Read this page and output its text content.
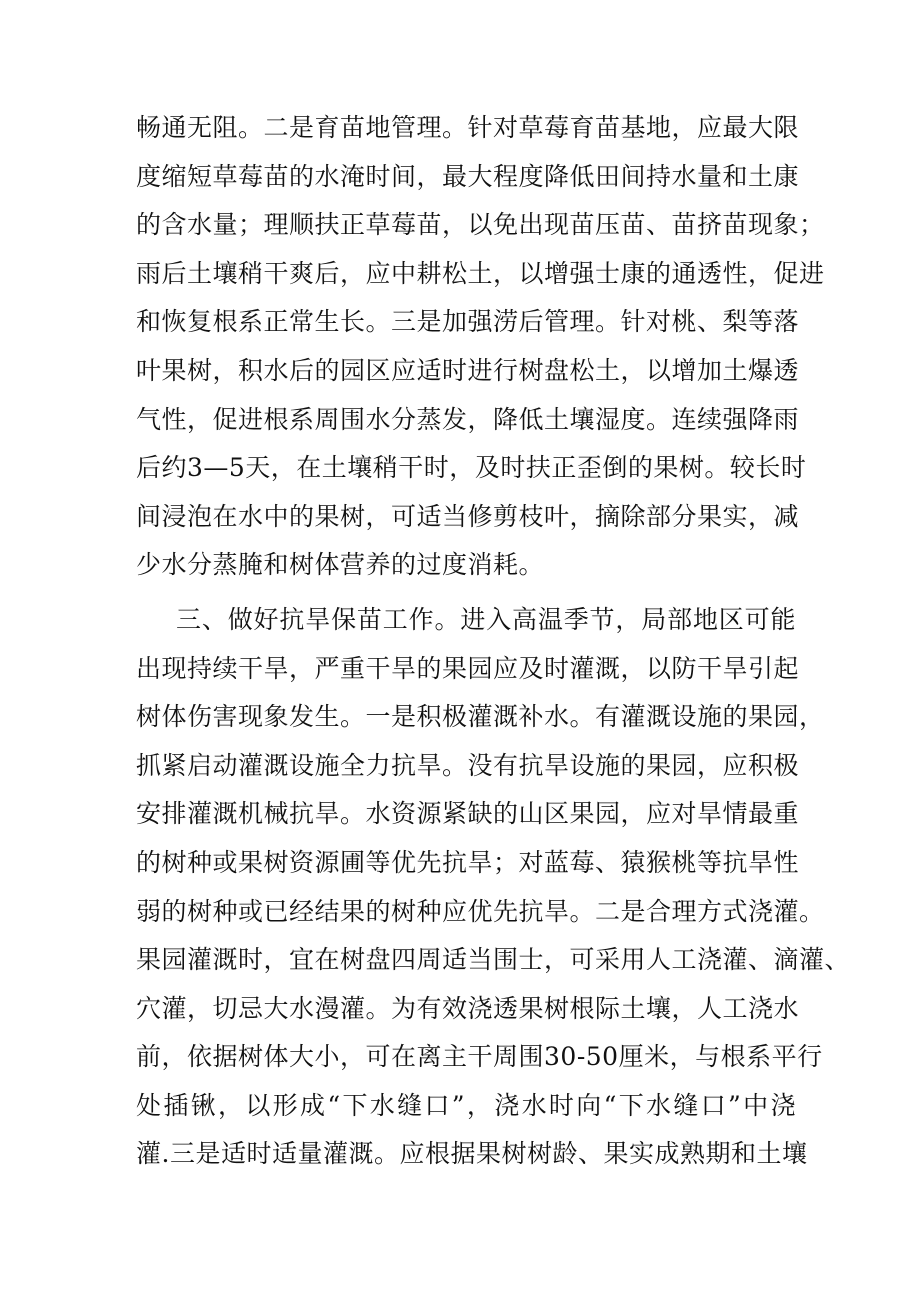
畅通无阻。二是育苗地管理。针对草莓育苗基地，应最大限
度缩短草莓苗的水淹时间，最大程度降低田间持水量和土康
的含水量；理顺扶正草莓苗，以免出现苗压苗、苗挤苗现象；
雨后土壤稍干爽后，应中耕松土，以增强士康的通透性，促进
和恢复根系正常生长。三是加强涝后管理。针对桃、梨等落
叶果树，积水后的园区应适时进行树盘松土，以增加土爆透
气性，促进根系周围水分蒸发，降低土壤湿度。连续强降雨
后约3—5天，在土壤稍干时，及时扶正歪倒的果树。较长时
间浸泡在水中的果树，可适当修剪枝叶，摘除部分果实，减
少水分蒸腌和树体营养的过度消耗。
三、做好抗旱保苗工作。进入高温季节，局部地区可能
出现持续干旱，严重干旱的果园应及时灌溉，以防干旱引起
树体伤害现象发生。一是积极灌溉补水。有灌溉设施的果园，
抓紧启动灌溉设施全力抗旱。没有抗旱设施的果园，应积极
安排灌溉机械抗旱。水资源紧缺的山区果园，应对旱情最重
的树种或果树资源圃等优先抗旱；对蓝莓、猿猴桃等抗旱性
弱的树种或已经结果的树种应优先抗旱。二是合理方式浇灌。
果园灌溉时，宜在树盘四周适当围士，可采用人工浇灌、滴灌、
穴灌，切忌大水漫灌。为有效浇透果树根际土壤，人工浇水
前，依据树体大小，可在离主干周围30-50厘米，与根系平行
处插锹，以形成“下水缝口”，浇水时向“下水缝口”中浇
灌.三是适时适量灌溉。应根据果树树龄、果实成熟期和土壤
